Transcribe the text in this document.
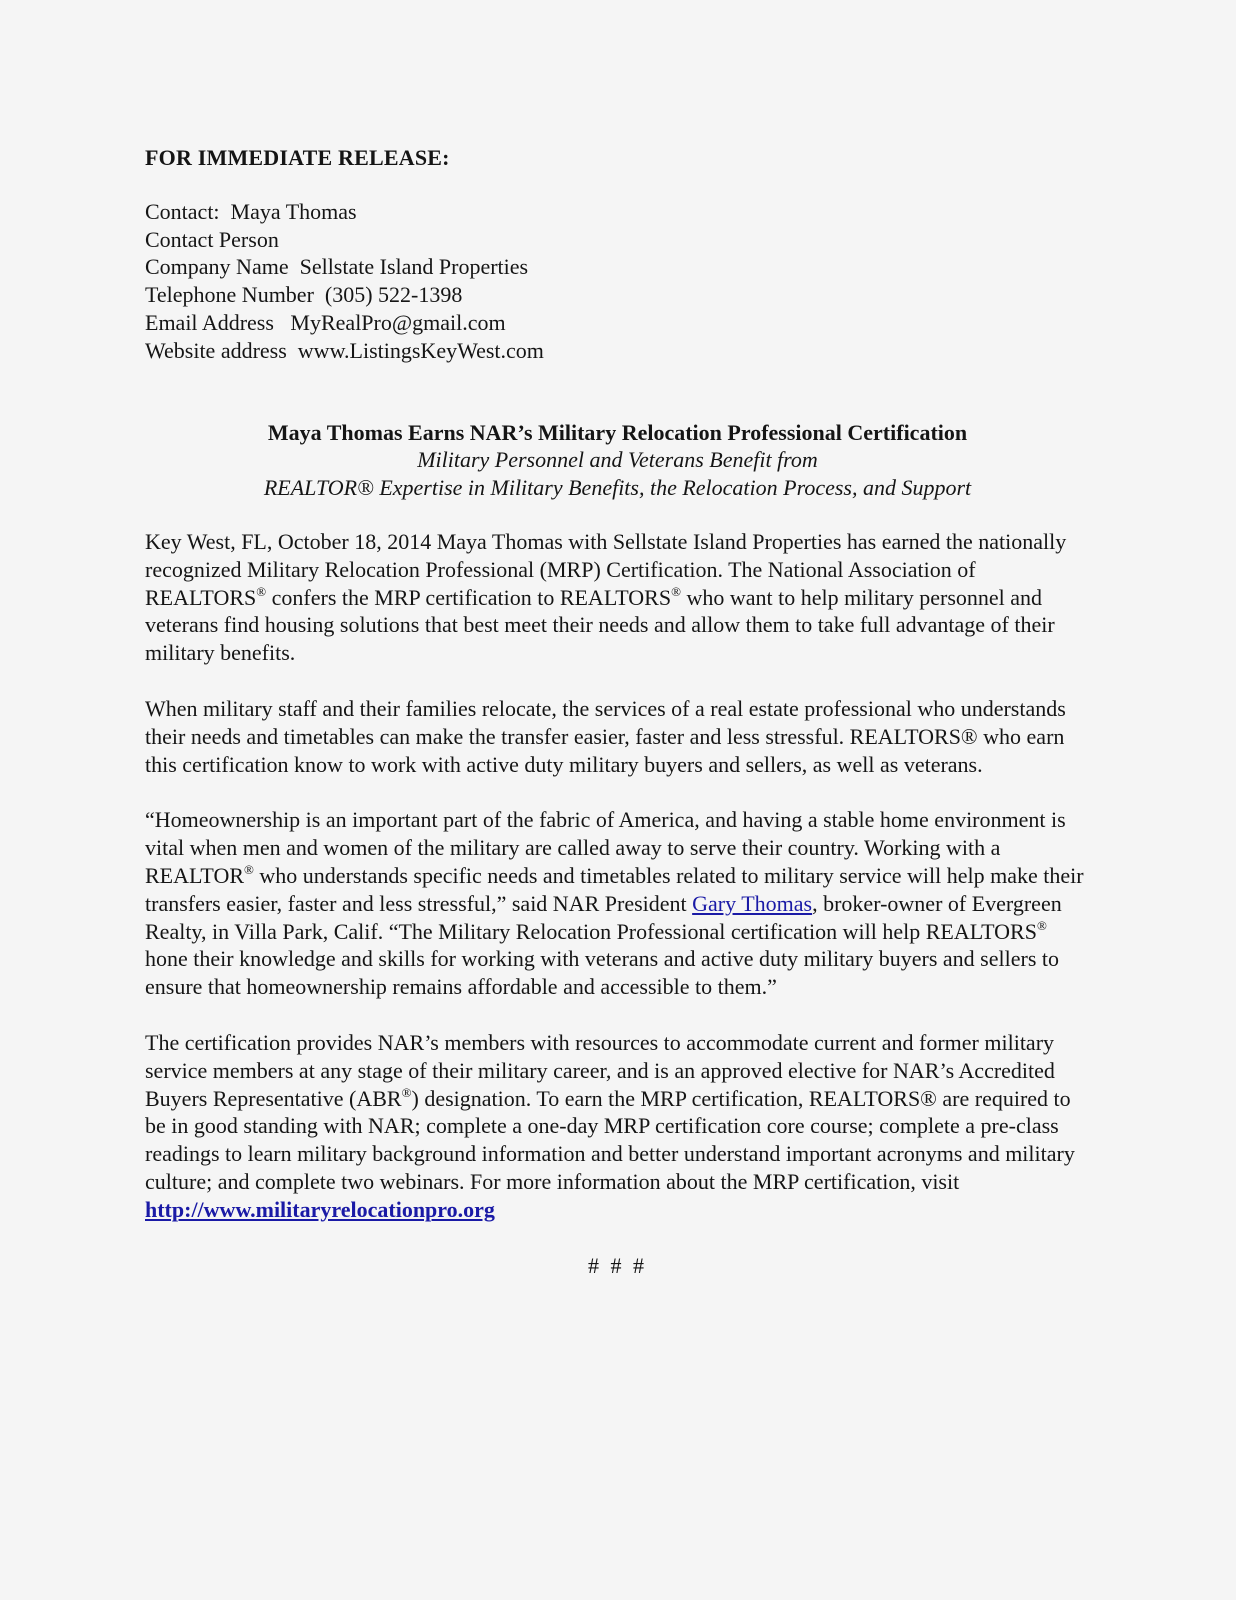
FOR IMMEDIATE RELEASE:
Contact:  Maya Thomas
Contact Person
Company Name  Sellstate Island Properties
Telephone Number  (305) 522-1398
Email Address   MyRealPro@gmail.com
Website address  www.ListingsKeyWest.com
Maya Thomas Earns NAR’s Military Relocation Professional Certification
Military Personnel and Veterans Benefit from
REALTOR® Expertise in Military Benefits, the Relocation Process, and Support

Key West, FL, October 18, 2014 Maya Thomas with Sellstate Island Properties has earned the nationally recognized Military Relocation Professional (MRP) Certification. The National Association of REALTORS® confers the MRP certification to REALTORS® who want to help military personnel and veterans find housing solutions that best meet their needs and allow them to take full advantage of their military benefits.

When military staff and their families relocate, the services of a real estate professional who understands their needs and timetables can make the transfer easier, faster and less stressful. REALTORS® who earn this certification know to work with active duty military buyers and sellers, as well as veterans.

“Homeownership is an important part of the fabric of America, and having a stable home environment is vital when men and women of the military are called away to serve their country. Working with a REALTOR® who understands specific needs and timetables related to military service will help make their transfers easier, faster and less stressful,” said NAR President Gary Thomas, broker-owner of Evergreen Realty, in Villa Park, Calif. “The Military Relocation Professional certification will help REALTORS® hone their knowledge and skills for working with veterans and active duty military buyers and sellers to ensure that homeownership remains affordable and accessible to them.”

The certification provides NAR’s members with resources to accommodate current and former military service members at any stage of their military career, and is an approved elective for NAR’s Accredited Buyers Representative (ABR®) designation. To earn the MRP certification, REALTORS® are required to be in good standing with NAR; complete a one-day MRP certification core course; complete a pre-class readings to learn military background information and better understand important acronyms and military culture; and complete two webinars. For more information about the MRP certification, visit http://www.militaryrelocationpro.org

# # #
